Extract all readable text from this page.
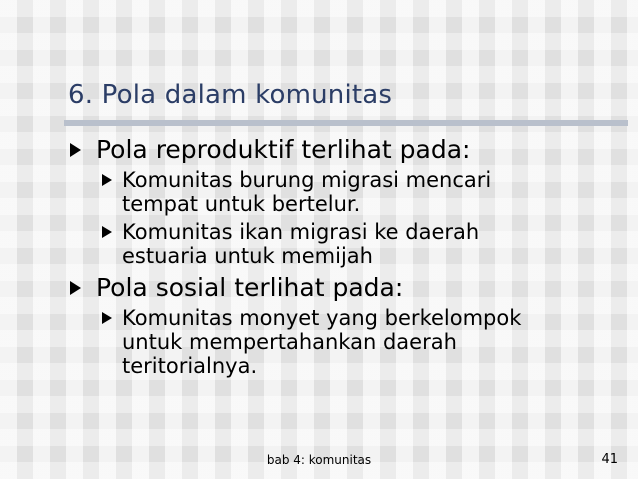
6. Pola dalam komunitas
Pola reproduktif terlihat pada:
Komunitas burung migrasi mencari
tempat untuk bertelur.
Komunitas ikan migrasi ke daerah
estuaria untuk memijah
Pola sosial terlihat pada:
Komunitas monyet yang berkelompok
untuk mempertahankan daerah
teritorialnya.
bab 4: komunitas	41
